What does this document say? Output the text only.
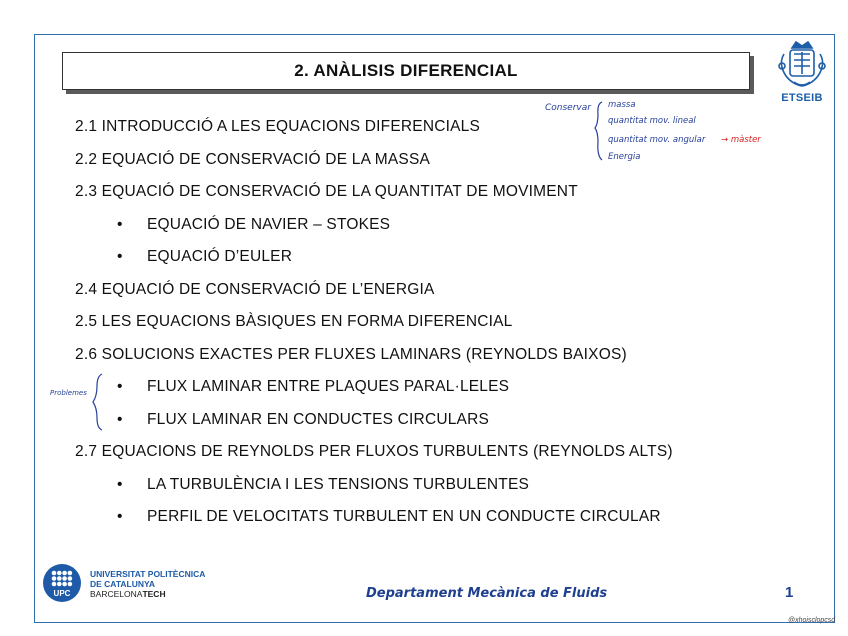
2. ANÀLISIS DIFERENCIAL
ETSEIB
2.1 INTRODUCCIÓ A LES EQUACIONS DIFERENCIALS
2.2 EQUACIÓ DE CONSERVACIÓ DE LA MASSA
2.3 EQUACIÓ DE CONSERVACIÓ DE LA QUANTITAT DE MOVIMENT
• EQUACIÓ DE NAVIER – STOKES
• EQUACIÓ D’EULER
2.4 EQUACIÓ DE CONSERVACIÓ DE L’ENERGIA
2.5 LES EQUACIONS BÀSIQUES EN FORMA DIFERENCIAL
2.6 SOLUCIONS EXACTES PER FLUXES LAMINARS (REYNOLDS BAIXOS)
• FLUX LAMINAR ENTRE PLAQUES PARAL·LELES
• FLUX LAMINAR EN CONDUCTES CIRCULARS
2.7 EQUACIONS DE REYNOLDS PER FLUXOS TURBULENTS (REYNOLDS ALTS)
• LA TURBULÈNCIA I LES TENSIONS TURBULENTES
• PERFIL DE VELOCITATS TURBULENT EN UN CONDUCTE CIRCULAR
Conservar massa
quantitat mov. lineal
quantitat mov. angular → màster
Energia
Problemes
UPC
UNIVERSITAT POLITÈCNICA
DE CATALUNYA
BARCELONATECH	Departament Mecànica de Fluids	1
@xhoisclopcsd
